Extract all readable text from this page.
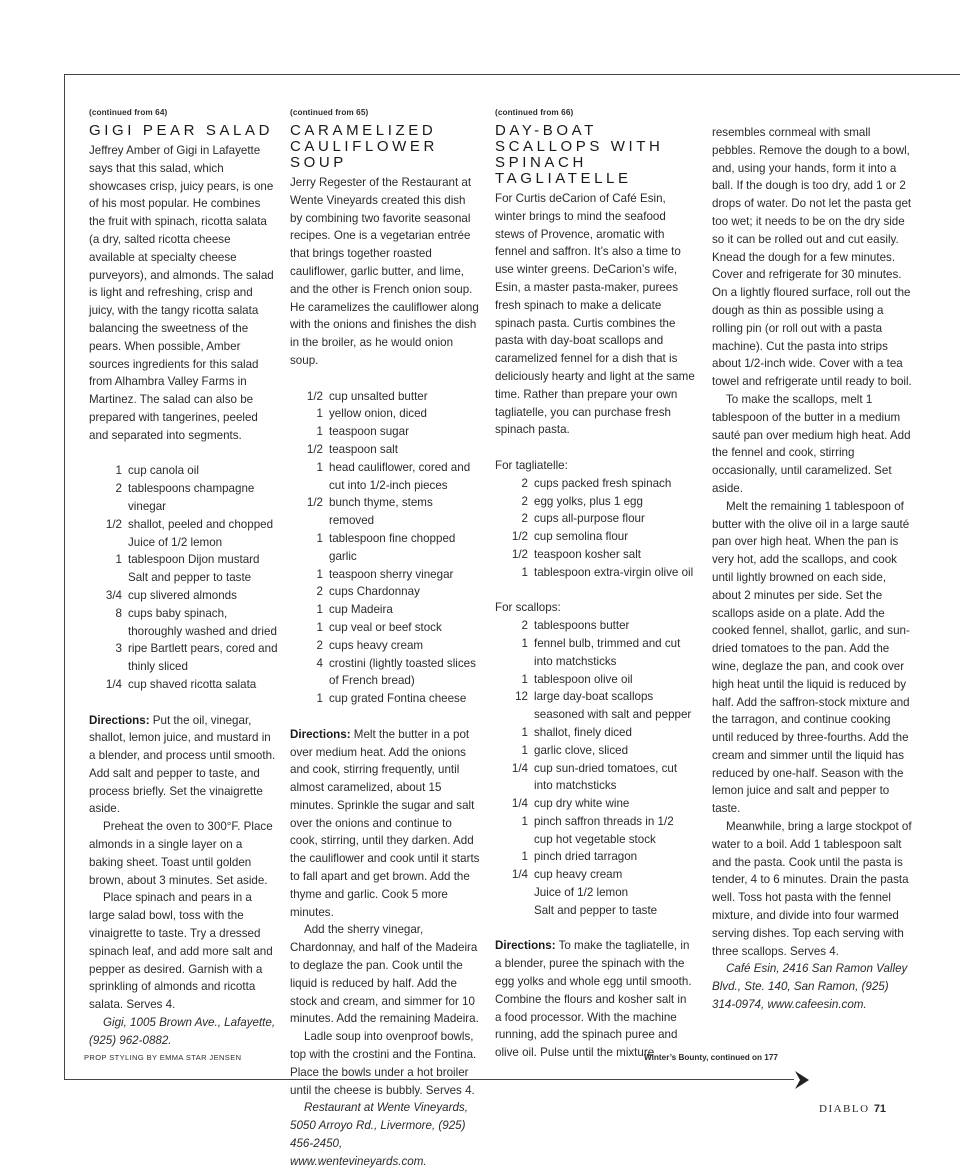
(continued from 64)
GIGI PEAR SALAD

Jeffrey Amber of Gigi in Lafayette says that this salad, which showcases crisp, juicy pears, is one of his most popular. He combines the fruit with spinach, ricotta salata (a dry, salted ricotta cheese available at specialty cheese purveyors), and almonds. The salad is light and refreshing, crisp and juicy, with the tangy ricotta salata balancing the sweetness of the pears. When possible, Amber sources ingredients for this salad from Alhambra Valley Farms in Martinez. The salad can also be prepared with tangerines, peeled and separated into segments.

1 cup canola oil
2 tablespoons champagne vinegar
1/2 shallot, peeled and chopped
Juice of 1/2 lemon
1 tablespoon Dijon mustard
Salt and pepper to taste
3/4 cup slivered almonds
8 cups baby spinach, thoroughly washed and dried
3 ripe Bartlett pears, cored and thinly sliced
1/4 cup shaved ricotta salata

Directions: Put the oil, vinegar, shallot, lemon juice, and mustard in a blender, and process until smooth. Add salt and pepper to taste, and process briefly. Set the vinaigrette aside.

Preheat the oven to 300°F. Place almonds in a single layer on a baking sheet. Toast until golden brown, about 3 minutes. Set aside.

Place spinach and pears in a large salad bowl, toss with the vinaigrette to taste. Try a dressed spinach leaf, and add more salt and pepper as desired. Garnish with a sprinkling of almonds and ricotta salata. Serves 4.

Gigi, 1005 Brown Ave., Lafayette, (925) 962-0882.

(continued from 65)
CARAMELIZED CAULIFLOWER SOUP

Jerry Regester of the Restaurant at Wente Vineyards created this dish by combining two favorite seasonal recipes. One is a vegetarian entrée that brings together roasted cauliflower, garlic butter, and lime, and the other is French onion soup. He caramelizes the cauliflower along with the onions and finishes the dish in the broiler, as he would onion soup.

1/2 cup unsalted butter
1 yellow onion, diced
1 teaspoon sugar
1/2 teaspoon salt
1 head cauliflower, cored and cut into 1/2-inch pieces
1/2 bunch thyme, stems removed
1 tablespoon fine chopped garlic
1 teaspoon sherry vinegar
2 cups Chardonnay
1 cup Madeira
1 cup veal or beef stock
2 cups heavy cream
4 crostini (lightly toasted slices of French bread)
1 cup grated Fontina cheese

Directions: Melt the butter in a pot over medium heat. Add the onions and cook, stirring frequently, until almost caramelized, about 15 minutes. Sprinkle the sugar and salt over the onions and continue to cook, stirring, until they darken. Add the cauliflower and cook until it starts to fall apart and get brown. Add the thyme and garlic. Cook 5 more minutes.

Add the sherry vinegar, Chardonnay, and half of the Madeira to deglaze the pan. Cook until the liquid is reduced by half. Add the stock and cream, and simmer for 10 minutes. Add the remaining Madeira.

Ladle soup into ovenproof bowls, top with the crostini and the Fontina. Place the bowls under a hot broiler until the cheese is bubbly. Serves 4.

Restaurant at Wente Vineyards, 5050 Arroyo Rd., Livermore, (925) 456-2450, www.wentevineyards.com.

(continued from 66)
DAY-BOAT SCALLOPS WITH SPINACH TAGLIATELLE

For Curtis deCarion of Café Esin, winter brings to mind the seafood stews of Provence, aromatic with fennel and saffron. It’s also a time to use winter greens. DeCarion’s wife, Esin, a master pasta-maker, purees fresh spinach to make a delicate spinach pasta. Curtis combines the pasta with day-boat scallops and caramelized fennel for a dish that is deliciously hearty and light at the same time. Rather than prepare your own tagliatelle, you can purchase fresh spinach pasta.

For tagliatelle:
2 cups packed fresh spinach
2 egg yolks, plus 1 egg
2 cups all-purpose flour
1/2 cup semolina flour
1/2 teaspoon kosher salt
1 tablespoon extra-virgin olive oil
For scallops:
2 tablespoons butter
1 fennel bulb, trimmed and cut into matchsticks
1 tablespoon olive oil
12 large day-boat scallops seasoned with salt and pepper
1 shallot, finely diced
1 garlic clove, sliced
1/4 cup sun-dried tomatoes, cut into matchsticks
1/4 cup dry white wine
1 pinch saffron threads in 1/2 cup hot vegetable stock
1 pinch dried tarragon
1/4 cup heavy cream
Juice of 1/2 lemon
Salt and pepper to taste

Directions: To make the tagliatelle, in a blender, puree the spinach with the egg yolks and whole egg until smooth. Combine the flours and kosher salt in a food processor. With the machine running, add the spinach puree and olive oil. Pulse until the mixture

resembles cornmeal with small pebbles. Remove the dough to a bowl, and, using your hands, form it into a ball. If the dough is too dry, add 1 or 2 drops of water. Do not let the pasta get too wet; it needs to be on the dry side so it can be rolled out and cut easily. Knead the dough for a few minutes. Cover and refrigerate for 30 minutes. On a lightly floured surface, roll out the dough as thin as possible using a rolling pin (or roll out with a pasta machine). Cut the pasta into strips about 1/2-inch wide. Cover with a tea towel and refrigerate until ready to boil.

To make the scallops, melt 1 tablespoon of the butter in a medium sauté pan over medium high heat. Add the fennel and cook, stirring occasionally, until caramelized. Set aside.

Melt the remaining 1 tablespoon of butter with the olive oil in a large sauté pan over high heat. When the pan is very hot, add the scallops, and cook until lightly browned on each side, about 2 minutes per side. Set the scallops aside on a plate. Add the cooked fennel, shallot, garlic, and sun-dried tomatoes to the pan. Add the wine, deglaze the pan, and cook over high heat until the liquid is reduced by half. Add the saffron-stock mixture and the tarragon, and continue cooking until reduced by three-fourths. Add the cream and simmer until the liquid has reduced by one-half. Season with the lemon juice and salt and pepper to taste.

Meanwhile, bring a large stockpot of water to a boil. Add 1 tablespoon salt and the pasta. Cook until the pasta is tender, 4 to 6 minutes. Drain the pasta well. Toss hot pasta with the fennel mixture, and divide into four warmed serving dishes. Top each serving with three scallops. Serves 4.

Café Esin, 2416 San Ramon Valley Blvd., Ste. 140, San Ramon, (925) 314-0974, www.cafeesin.com.

PROP STYLING BY EMMA STAR JENSEN	Winter’s Bounty, continued on 177
DIABLO 71
